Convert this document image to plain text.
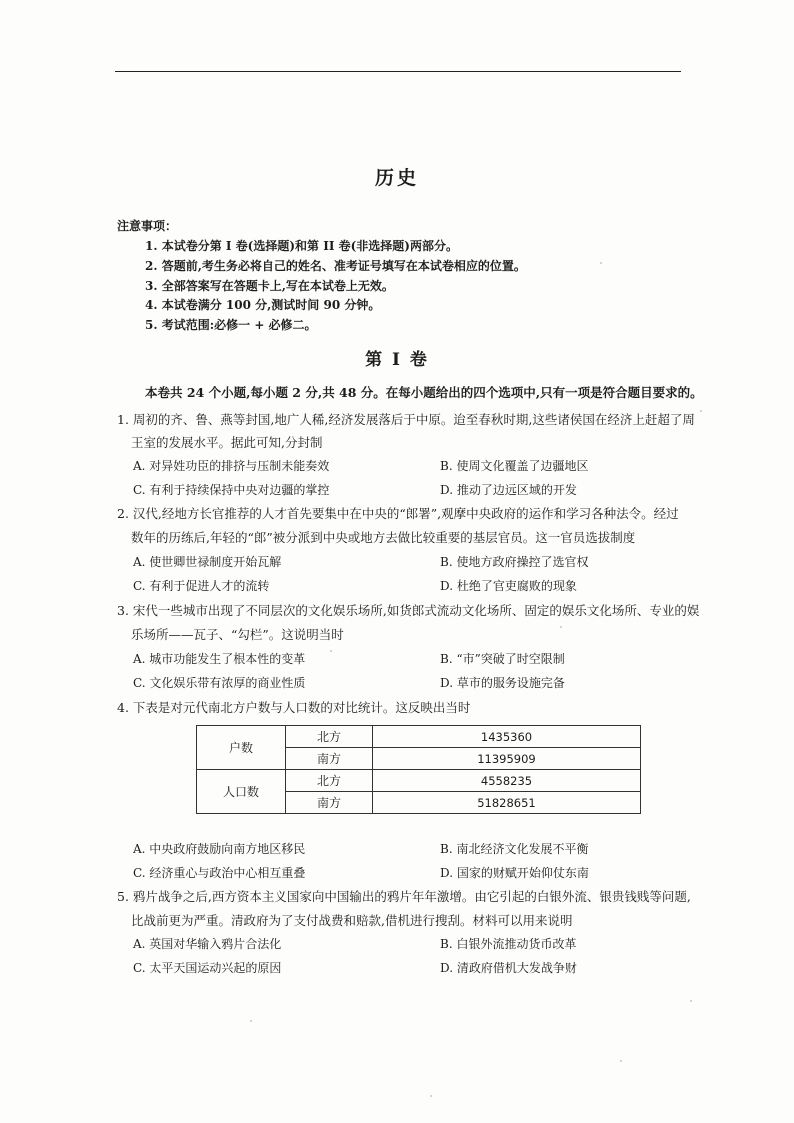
历史
注意事项：
1. 本试卷分第 I 卷(选择题)和第 II 卷(非选择题)两部分。
2. 答题前,考生务必将自己的姓名、准考证号填写在本试卷相应的位置。
3. 全部答案写在答题卡上,写在本试卷上无效。
4. 本试卷满分 100 分,测试时间 90 分钟。
5. 考试范围:必修一 + 必修二。
第 I 卷
本卷共 24 个小题,每小题 2 分,共 48 分。在每小题给出的四个选项中,只有一项是符合题目要求的。
1. 周初的齐、鲁、燕等封国,地广人稀,经济发展落后于中原。迨至春秋时期,这些诸侯国在经济上赶超了周
王室的发展水平。据此可知,分封制
A. 对异姓功臣的排挤与压制未能奏效	B. 使周文化覆盖了边疆地区
C. 有利于持续保持中央对边疆的掌控	D. 推动了边远区域的开发
2. 汉代,经地方长官推荐的人才首先要集中在中央的“郎署”,观摩中央政府的运作和学习各种法令。经过
数年的历练后,年轻的“郎”被分派到中央或地方去做比较重要的基层官员。这一官员选拔制度
A. 使世卿世禄制度开始瓦解	B. 使地方政府操控了选官权
C. 有利于促进人才的流转	D. 杜绝了官吏腐败的现象
3. 宋代一些城市出现了不同层次的文化娱乐场所,如货郎式流动文化场所、固定的娱乐文化场所、专业的娱
乐场所——瓦子、“勾栏”。这说明当时
A. 城市功能发生了根本性的变革	B. “市”突破了时空限制
C. 文化娱乐带有浓厚的商业性质	D. 草市的服务设施完备
4. 下表是对元代南北方户数与人口数的对比统计。这反映出当时
户数	北方	1435360
	南方	11395909
人口数	北方	4558235
	南方	51828651
A. 中央政府鼓励向南方地区移民	B. 南北经济文化发展不平衡
C. 经济重心与政治中心相互重叠	D. 国家的财赋开始仰仗东南
5. 鸦片战争之后,西方资本主义国家向中国输出的鸦片年年激增。由它引起的白银外流、银贵钱贱等问题,
比战前更为严重。清政府为了支付战费和赔款,借机进行搜刮。材料可以用来说明
A. 英国对华输入鸦片合法化	B. 白银外流推动货币改革
C. 太平天国运动兴起的原因	D. 清政府借机大发战争财
